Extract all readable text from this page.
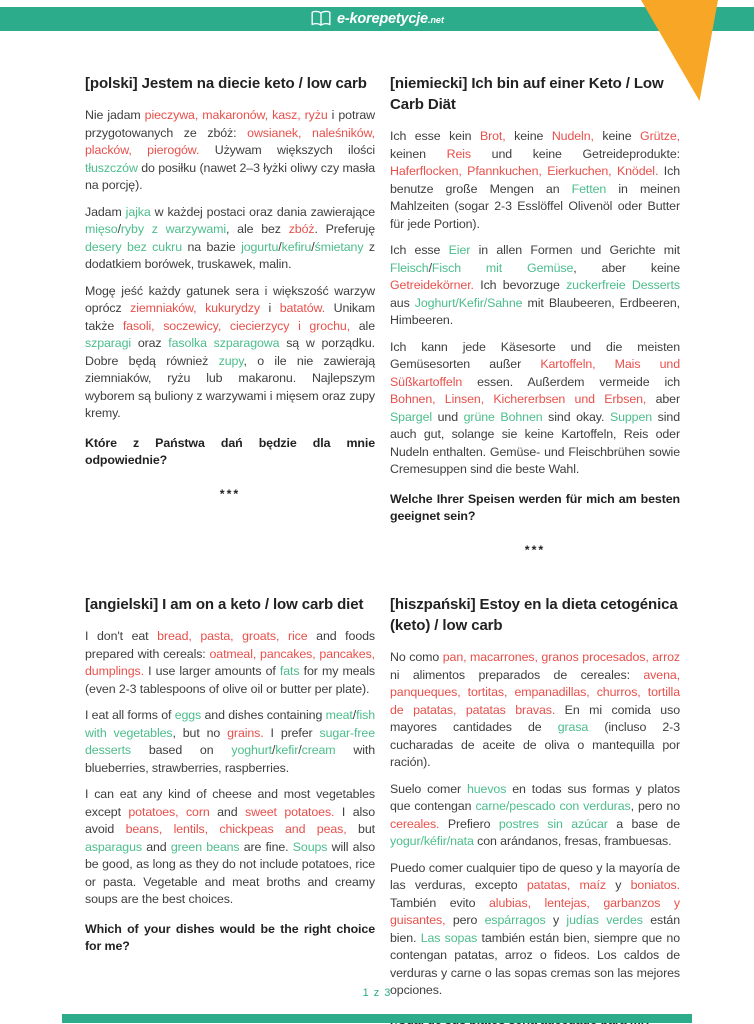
e-korepetycje.net
[polski] Jestem na diecie keto / low carb

Nie jadam pieczywa, makaronów, kasz, ryżu i potraw przygotowanych ze zbóż: owsianek, naleśników, placków, pierogów. Używam większych ilości tłuszczów do posiłku (nawet 2–3 łyżki oliwy czy masła na porcję).

Jadam jajka w każdej postaci oraz dania zawierające mięso/ryby z warzywami, ale bez zbóż. Preferuję desery bez cukru na bazie jogurtu/kefiru/śmietany z dodatkiem borówek, truskawek, malin.

Mogę jeść każdy gatunek sera i większość warzyw oprócz ziemniaków, kukurydzy i batatów. Unikam także fasoli, soczewicy, ciecierzycy i grochu, ale szparagi oraz fasolka szparagowa są w porządku. Dobre będą również zupy, o ile nie zawierają ziemniaków, ryżu lub makaronu. Najlepszym wyborem są buliony z warzywami i mięsem oraz zupy kremy.

Które z Państwa dań będzie dla mnie odpowiednie?

***

[niemiecki] Ich bin auf einer Keto / Low Carb Diät

Ich esse kein Brot, keine Nudeln, keine Grütze, keinen Reis und keine Getreideprodukte: Haferflocken, Pfannkuchen, Eierkuchen, Knödel. Ich benutze große Mengen an Fetten in meinen Mahlzeiten (sogar 2-3 Esslöffel Olivenöl oder Butter für jede Portion).

Ich esse Eier in allen Formen und Gerichte mit Fleisch/Fisch mit Gemüse, aber keine Getreidekörner. Ich bevorzuge zuckerfreie Desserts aus Joghurt/Kefir/Sahne mit Blaubeeren, Erdbeeren, Himbeeren.

Ich kann jede Käsesorte und die meisten Gemüsesorten außer Kartoffeln, Mais und Süßkartoffeln essen. Außerdem vermeide ich Bohnen, Linsen, Kichererbsen und Erbsen, aber Spargel und grüne Bohnen sind okay. Suppen sind auch gut, solange sie keine Kartoffeln, Reis oder Nudeln enthalten. Gemüse- und Fleischbrühen sowie Cremesuppen sind die beste Wahl.

Welche Ihrer Speisen werden für mich am besten geeignet sein?

***

[angielski] I am on a keto / low carb diet

I don't eat bread, pasta, groats, rice and foods prepared with cereals: oatmeal, pancakes, pancakes, dumplings. I use larger amounts of fats for my meals (even 2-3 tablespoons of olive oil or butter per plate).

I eat all forms of eggs and dishes containing meat/fish with vegetables, but no grains. I prefer sugar-free desserts based on yoghurt/kefir/cream with blueberries, strawberries, raspberries.

I can eat any kind of cheese and most vegetables except potatoes, corn and sweet potatoes. I also avoid beans, lentils, chickpeas and peas, but asparagus and green beans are fine. Soups will also be good, as long as they do not include potatoes, rice or pasta. Vegetable and meat broths and creamy soups are the best choices.

Which of your dishes would be the right choice for me?

[hiszpański] Estoy en la dieta cetogénica (keto) / low carb

No como pan, macarrones, granos procesados, arroz ni alimentos preparados de cereales: avena, panqueques, tortitas, empanadillas, churros, tortilla de patatas, patatas bravas. En mi comida uso mayores cantidades de grasa (incluso 2-3 cucharadas de aceite de oliva o mantequilla por ración).

Suelo comer huevos en todas sus formas y platos que contengan carne/pescado con verduras, pero no cereales. Prefiero postres sin azúcar a base de yogur/kéfir/nata con arándanos, fresas, frambuesas.

Puedo comer cualquier tipo de queso y la mayoría de las verduras, excepto patatas, maíz y boniatos. También evito alubias, lentejas, garbanzos y guisantes, pero espárragos y judías verdes están bien. Las sopas también están bien, siempre que no contengan patatas, arroz o fideos. Los caldos de verduras y carne o las sopas cremas son las mejores opciones.

1 z 3
